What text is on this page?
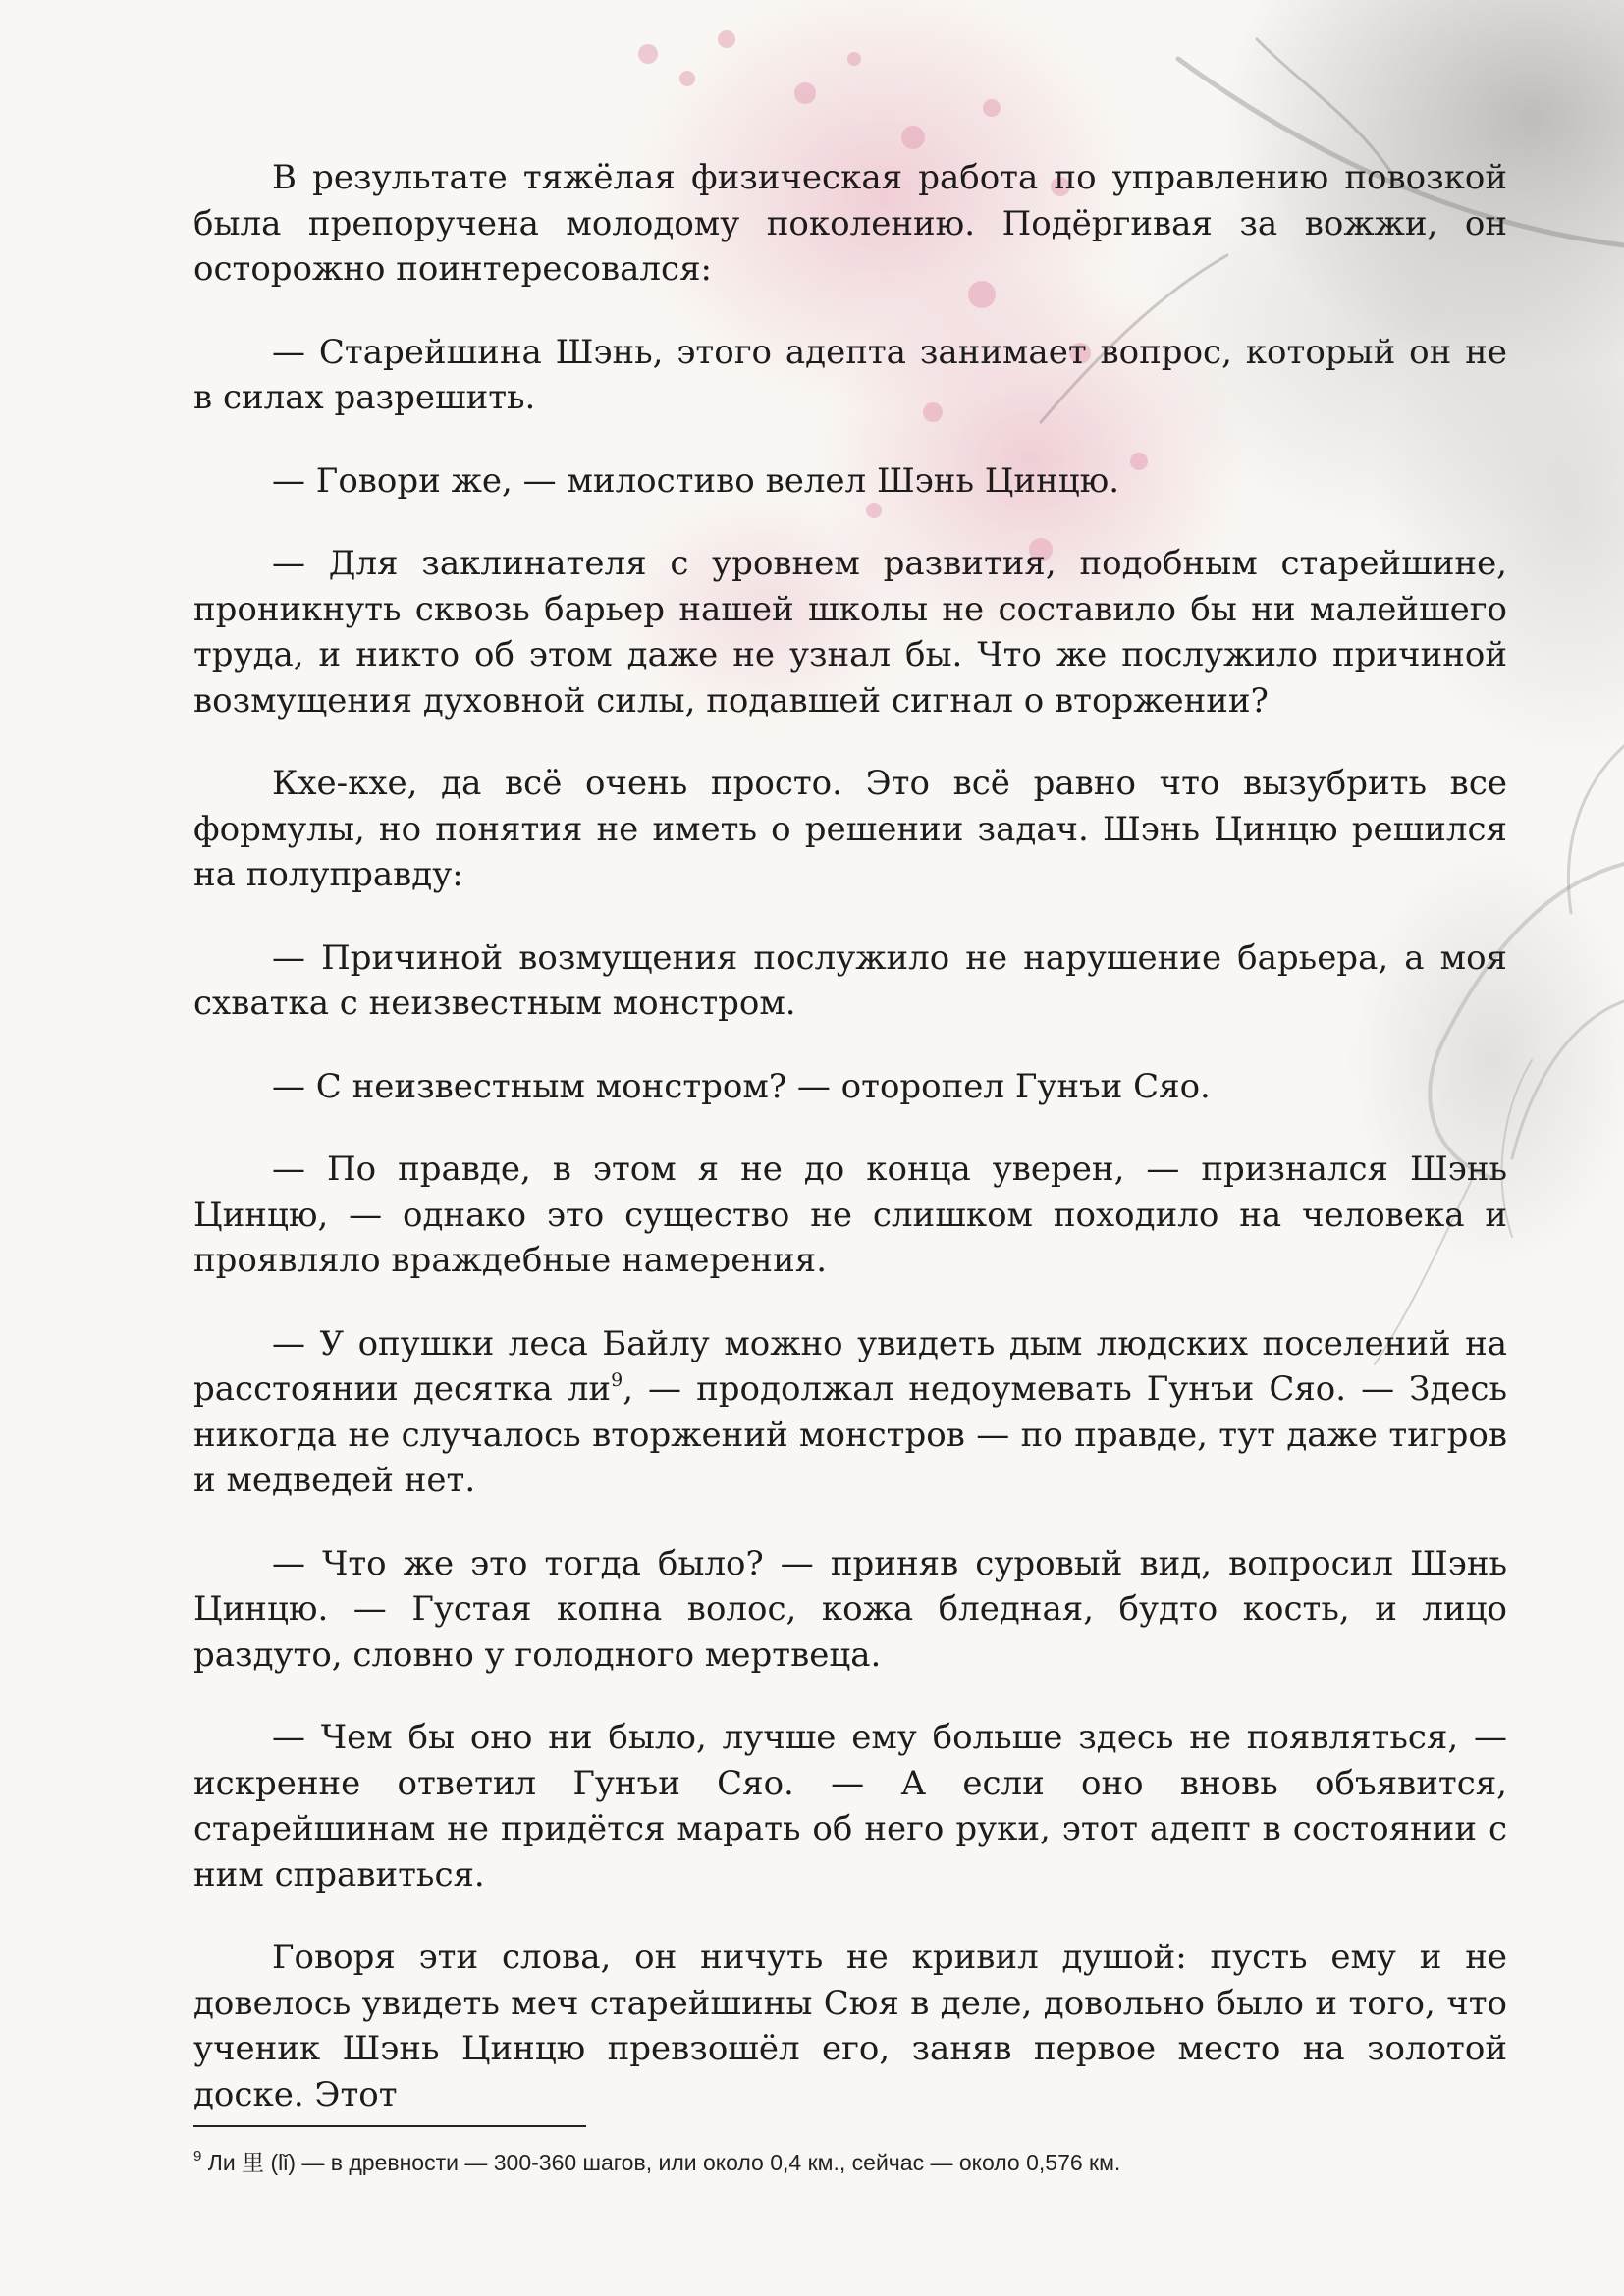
В результате тяжёлая физическая работа по управлению повозкой была препоручена молодому поколению. Подёргивая за вожжи, он осторожно поинтересовался:

— Старейшина Шэнь, этого адепта занимает вопрос, который он не в силах разрешить.

— Говори же, — милостиво велел Шэнь Цинцю.

— Для заклинателя с уровнем развития, подобным старейшине, проникнуть сквозь барьер нашей школы не составило бы ни малейшего труда, и никто об этом даже не узнал бы. Что же послужило причиной возмущения духовной силы, подавшей сигнал о вторжении?

Кхе-кхе, да всё очень просто. Это всё равно что вызубрить все формулы, но понятия не иметь о решении задач. Шэнь Цинцю решился на полуправду:

— Причиной возмущения послужило не нарушение барьера, а моя схватка с неизвестным монстром.

— С неизвестным монстром? — оторопел Гунъи Сяо.

— По правде, в этом я не до конца уверен, — признался Шэнь Цинцю, — однако это существо не слишком походило на человека и проявляло враждебные намерения.

— У опушки леса Байлу можно увидеть дым людских поселений на расстоянии десятка ли$^9$, — продолжал недоумевать Гунъи Сяо. — Здесь никогда не случалось вторжений монстров — по правде, тут даже тигров и медведей нет.

— Что же это тогда было? — приняв суровый вид, вопросил Шэнь Цинцю. — Густая копна волос, кожа бледная, будто кость, и лицо раздуто, словно у голодного мертвеца.

— Чем бы оно ни было, лучше ему больше здесь не появляться, — искренне ответил Гунъи Сяо. — А если оно вновь объявится, старейшинам не придётся марать об него руки, этот адепт в состоянии с ним справиться.

Говоря эти слова, он ничуть не кривил душой: пусть ему и не довелось увидеть меч старейшины Сюя в деле, довольно было и того, что ученик Шэнь Цинцю превзошёл его, заняв первое место на золотой доске. Этот

$^9$ Ли 里 (lǐ) — в древности — 300-360 шагов, или около 0,4 км., сейчас — около 0,576 км.
